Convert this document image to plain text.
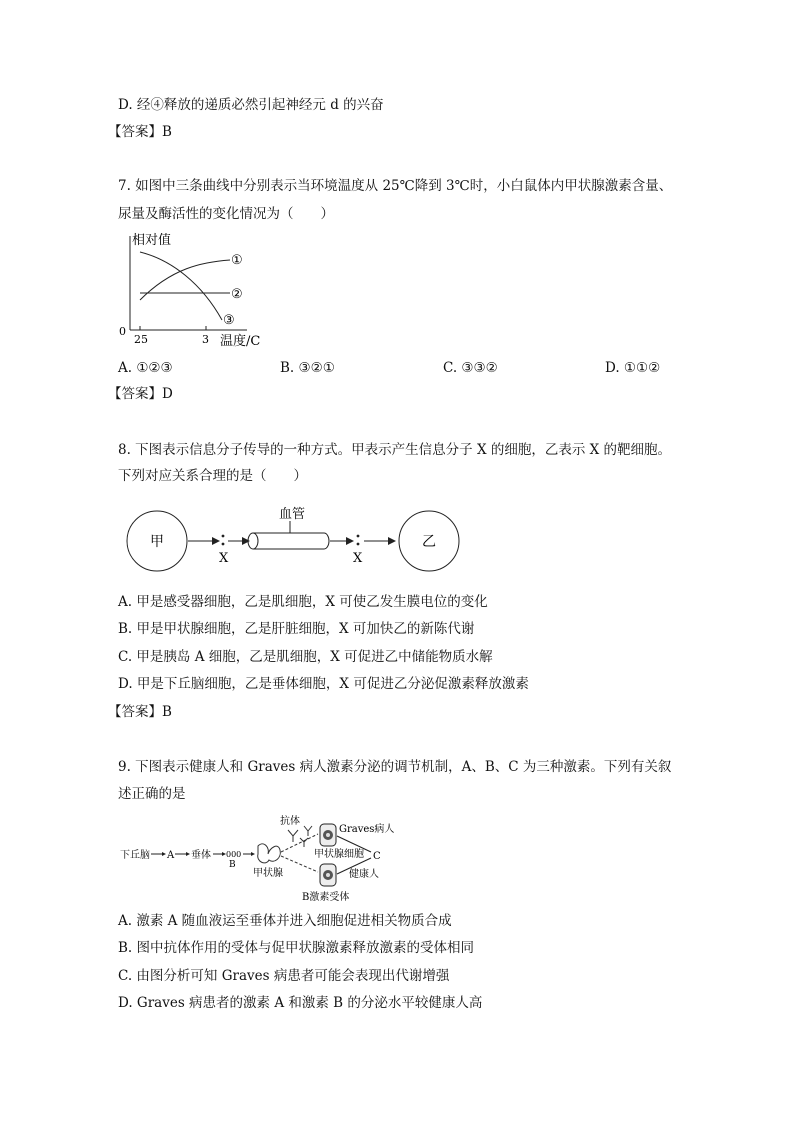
D. 经④释放的递质必然引起神经元 d 的兴奋
【答案】B
7. 如图中三条曲线中分别表示当环境温度从 25℃降到 3℃时，小白鼠体内甲状腺激素含量、
尿量及酶活性的变化情况为（　　）
相对值
0
25	3 温度/C
①
②
③
A. ①②③	B. ③②①	C. ③③②	D. ①①②
【答案】D
8. 下图表示信息分子传导的一种方式。甲表示产生信息分子 X 的细胞，乙表示 X 的靶细胞。
下列对应关系合理的是（　　）
甲
X
血管
X
乙
A. 甲是感受器细胞，乙是肌细胞，X 可使乙发生膜电位的变化
B. 甲是甲状腺细胞，乙是肝脏细胞，X 可加快乙的新陈代谢
C. 甲是胰岛 A 细胞，乙是肌细胞，X 可促进乙中储能物质水解
D. 甲是下丘脑细胞，乙是垂体细胞，X 可促进乙分泌促激素释放激素
【答案】B
9. 下图表示健康人和 Graves 病人激素分泌的调节机制，A、B、C 为三种激素。下列有关叙
述正确的是
下丘脑 A 垂体 000
B
甲状腺
抗体
Graves病人
甲状腺细胞
健康人
B激素受体
C
A. 激素 A 随血液运至垂体并进入细胞促进相关物质合成
B. 图中抗体作用的受体与促甲状腺激素释放激素的受体相同
C. 由图分析可知 Graves 病患者可能会表现出代谢增强
D. Graves 病患者的激素 A 和激素 B 的分泌水平较健康人高
